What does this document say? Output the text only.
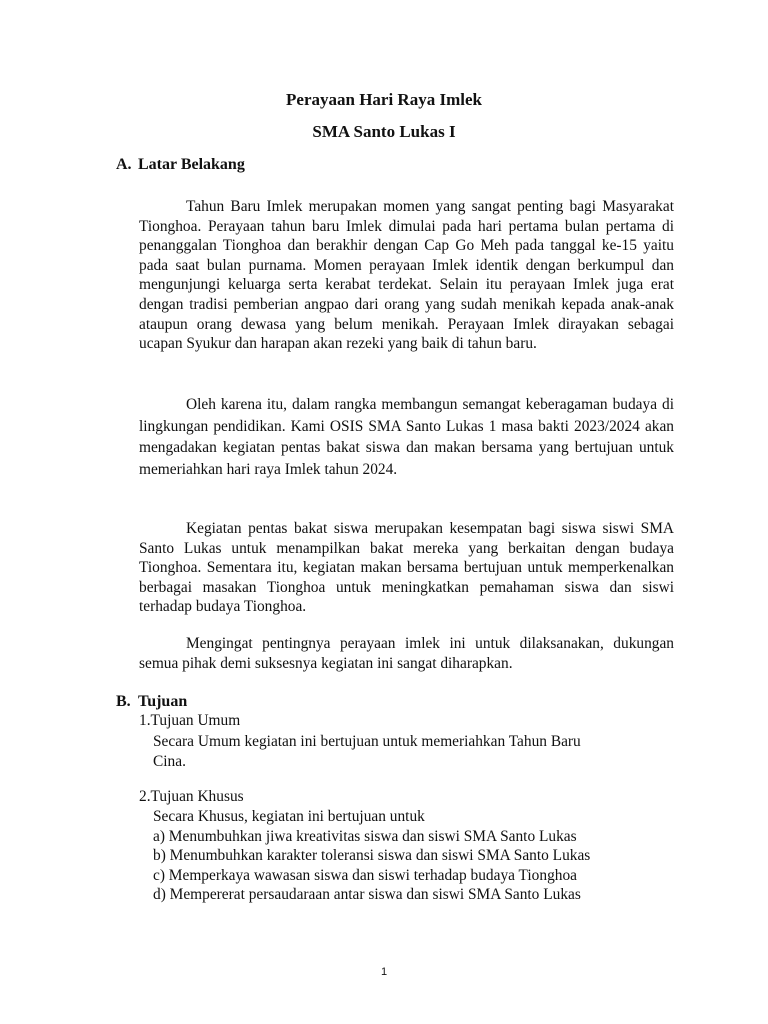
Perayaan Hari Raya Imlek
SMA Santo Lukas I
A. Latar Belakang

Tahun Baru Imlek merupakan momen yang sangat penting bagi Masyarakat Tionghoa. Perayaan tahun baru Imlek dimulai pada hari pertama bulan pertama di penanggalan Tionghoa dan berakhir dengan Cap Go Meh pada tanggal ke-15 yaitu pada saat bulan purnama. Momen perayaan Imlek identik dengan berkumpul dan mengunjungi keluarga serta kerabat terdekat. Selain itu perayaan Imlek juga erat dengan tradisi pemberian angpao dari orang yang sudah menikah kepada anak-anak ataupun orang dewasa yang belum menikah. Perayaan Imlek dirayakan sebagai ucapan Syukur dan harapan akan rezeki yang baik di tahun baru.

Oleh karena itu, dalam rangka membangun semangat keberagaman budaya di lingkungan pendidikan. Kami OSIS SMA Santo Lukas 1 masa bakti 2023/2024 akan mengadakan kegiatan pentas bakat siswa dan makan bersama yang bertujuan untuk memeriahkan hari raya Imlek tahun 2024.

Kegiatan pentas bakat siswa merupakan kesempatan bagi siswa siswi SMA Santo Lukas untuk menampilkan bakat mereka yang berkaitan dengan budaya Tionghoa. Sementara itu, kegiatan makan bersama bertujuan untuk memperkenalkan berbagai masakan Tionghoa untuk meningkatkan pemahaman siswa dan siswi terhadap budaya Tionghoa.

Mengingat pentingnya perayaan imlek ini untuk dilaksanakan, dukungan semua pihak demi suksesnya kegiatan ini sangat diharapkan.

B. Tujuan
1.Tujuan Umum
Secara Umum kegiatan ini bertujuan untuk memeriahkan Tahun Baru
Cina.
2.Tujuan Khusus
Secara Khusus, kegiatan ini bertujuan untuk
a) Menumbuhkan jiwa kreativitas siswa dan siswi SMA Santo Lukas
b) Menumbuhkan karakter toleransi siswa dan siswi SMA Santo Lukas
c) Memperkaya wawasan siswa dan siswi terhadap budaya Tionghoa
d) Mempererat persaudaraan antar siswa dan siswi SMA Santo Lukas
1
